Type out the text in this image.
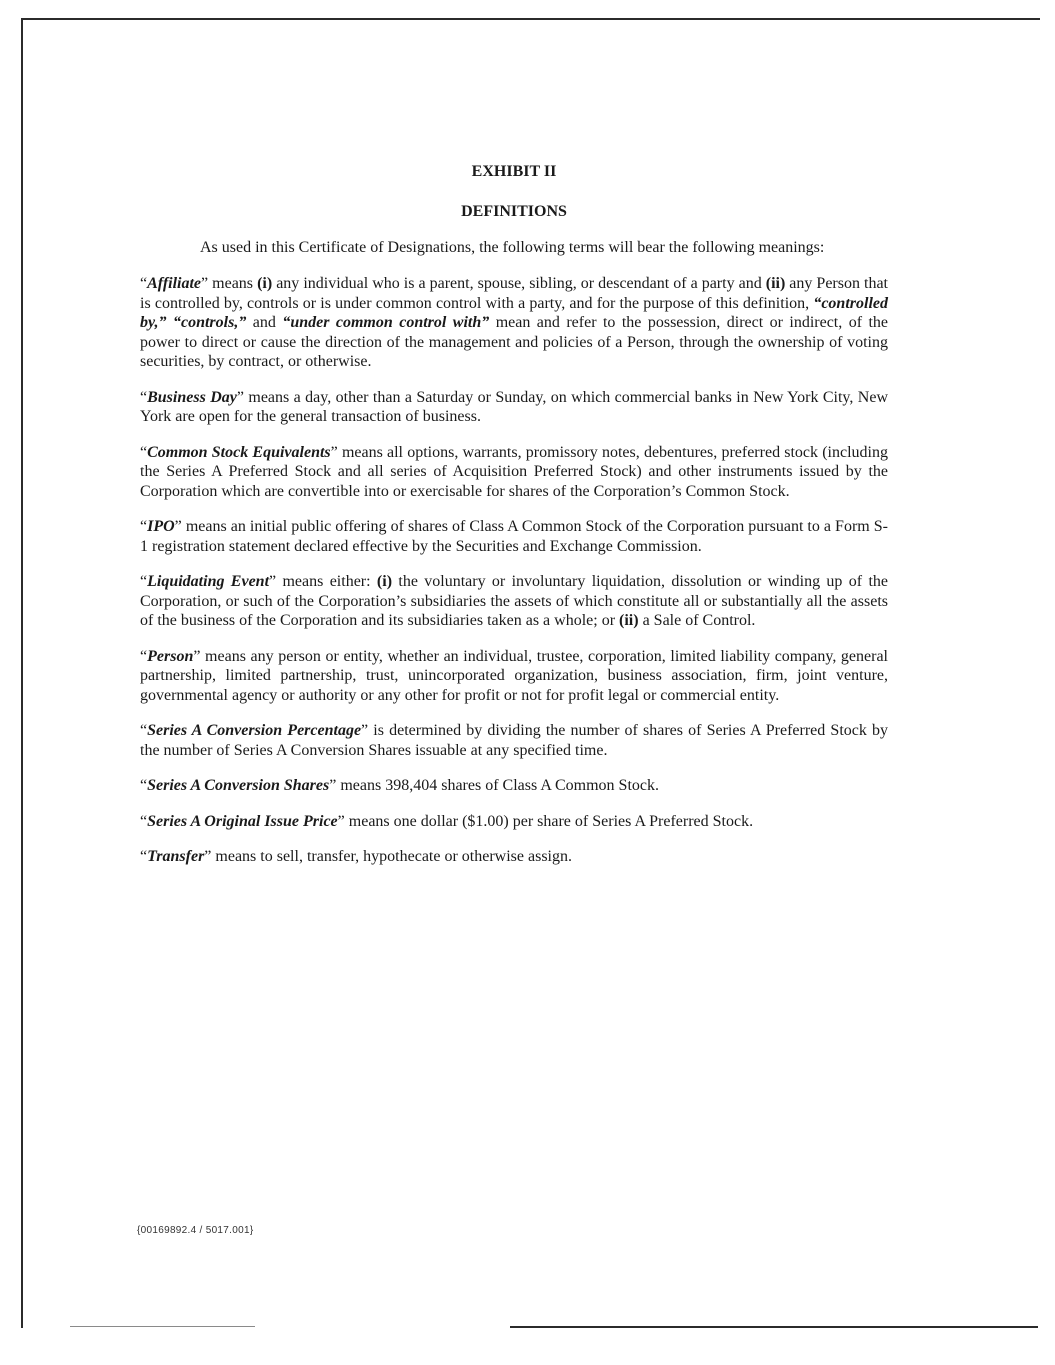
EXHIBIT II

DEFINITIONS

As used in this Certificate of Designations, the following terms will bear the following meanings:

“Affiliate” means (i) any individual who is a parent, spouse, sibling, or descendant of a party and (ii) any Person that is controlled by, controls or is under common control with a party, and for the purpose of this definition, “controlled by,” “controls,” and “under common control with” mean and refer to the possession, direct or indirect, of the power to direct or cause the direction of the management and policies of a Person, through the ownership of voting securities, by contract, or otherwise.

“Business Day” means a day, other than a Saturday or Sunday, on which commercial banks in New York City, New York are open for the general transaction of business.

“Common Stock Equivalents” means all options, warrants, promissory notes, debentures, preferred stock (including the Series A Preferred Stock and all series of Acquisition Preferred Stock) and other instruments issued by the Corporation which are convertible into or exercisable for shares of the Corporation’s Common Stock.

“IPO” means an initial public offering of shares of Class A Common Stock of the Corporation pursuant to a Form S-1 registration statement declared effective by the Securities and Exchange Commission.

“Liquidating Event” means either: (i) the voluntary or involuntary liquidation, dissolution or winding up of the Corporation, or such of the Corporation’s subsidiaries the assets of which constitute all or substantially all the assets of the business of the Corporation and its subsidiaries taken as a whole; or (ii) a Sale of Control.

“Person” means any person or entity, whether an individual, trustee, corporation, limited liability company, general partnership, limited partnership, trust, unincorporated organization, business association, firm, joint venture, governmental agency or authority or any other for profit or not for profit legal or commercial entity.

“Series A Conversion Percentage” is determined by dividing the number of shares of Series A Preferred Stock by the number of Series A Conversion Shares issuable at any specified time.

“Series A Conversion Shares” means 398,404 shares of Class A Common Stock.

“Series A Original Issue Price” means one dollar ($1.00) per share of Series A Preferred Stock.

“Transfer” means to sell, transfer, hypothecate or otherwise assign.

{00169892.4 / 5017.001}
